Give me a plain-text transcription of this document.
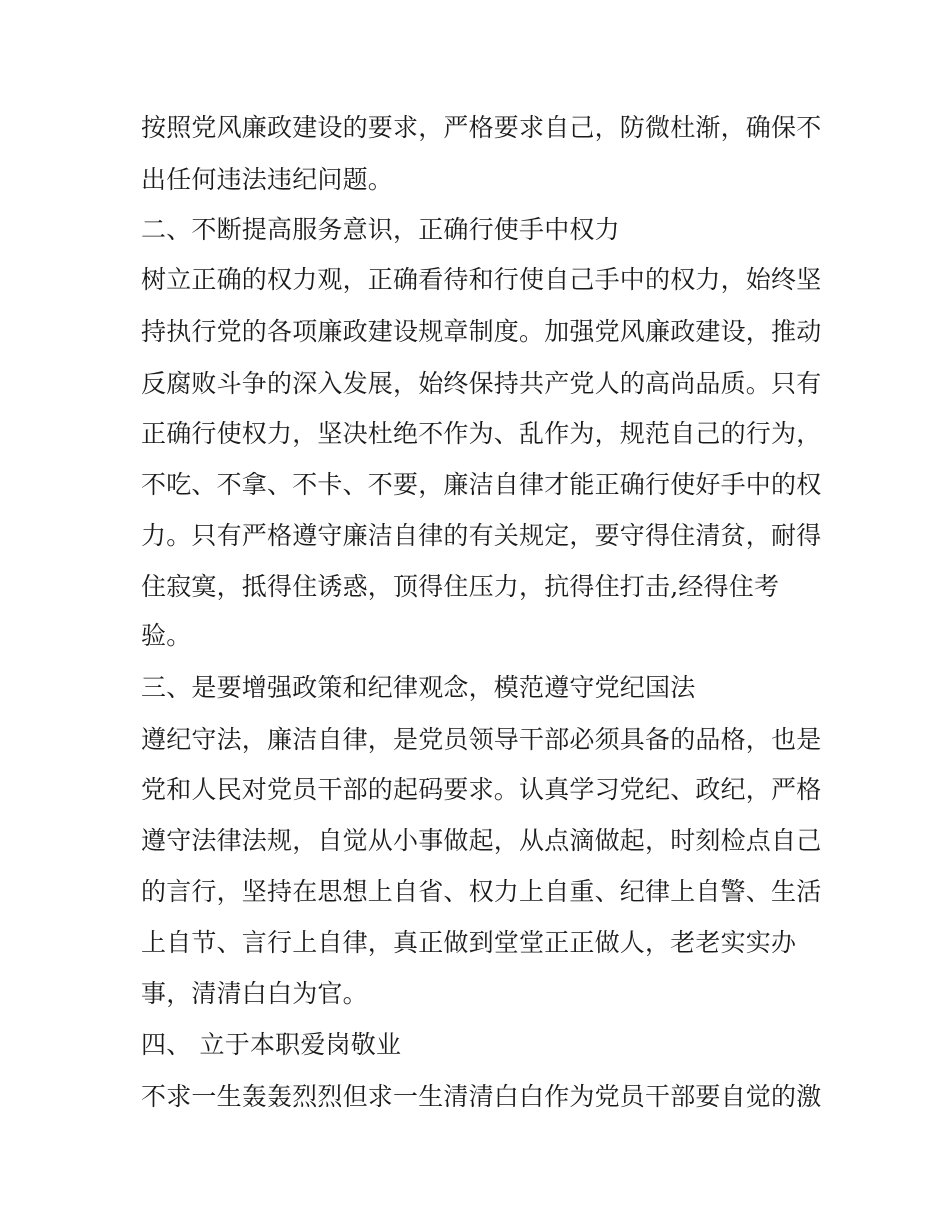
按照党风廉政建设的要求，严格要求自己，防微杜渐，确保不
出任何违法违纪问题。
二、不断提高服务意识，正确行使手中权力
树立正确的权力观，正确看待和行使自己手中的权力，始终坚
持执行党的各项廉政建设规章制度。加强党风廉政建设，推动
反腐败斗争的深入发展，始终保持共产党人的高尚品质。只有
正确行使权力，坚决杜绝不作为、乱作为，规范自己的行为，
不吃、不拿、不卡、不要，廉洁自律才能正确行使好手中的权
力。只有严格遵守廉洁自律的有关规定，要守得住清贫，耐得
住寂寞，抵得住诱惑，顶得住压力，抗得住打击,经得住考
验。
三、是要增强政策和纪律观念，模范遵守党纪国法
遵纪守法，廉洁自律，是党员领导干部必须具备的品格，也是
党和人民对党员干部的起码要求。认真学习党纪、政纪，严格
遵守法律法规，自觉从小事做起，从点滴做起，时刻检点自己
的言行，坚持在思想上自省、权力上自重、纪律上自警、生活
上自节、言行上自律，真正做到堂堂正正做人，老老实实办
事，清清白白为官。
四、 立于本职爱岗敬业
不求一生轰轰烈烈但求一生清清白白作为党员干部要自觉的激
